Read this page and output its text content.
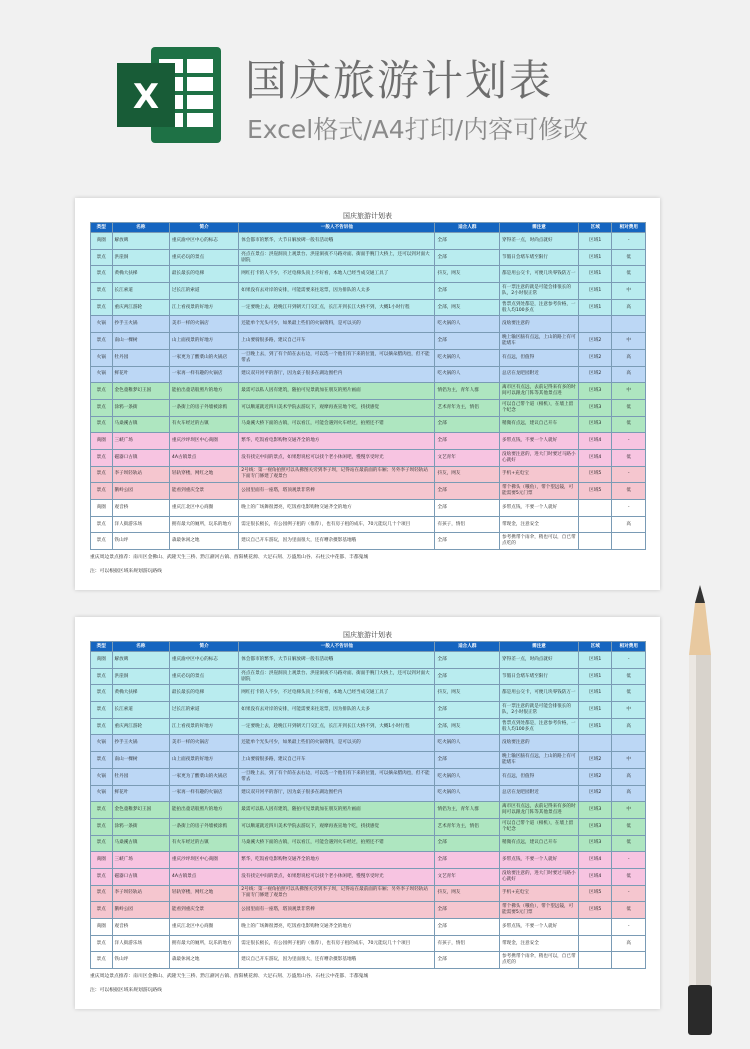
X 国庆旅游计划表
Excel格式/A4打印/内容可修改
国庆旅游计划表
类型	名称	简介	一般人不告诉他	适合人群	需注意	区域	相对费用
商圈	解放碑	重庆渝中区中心的标志	体会都市的繁华，大节日解放碑一般有活动哦	全部	穿得差一点，时尚点就好	区域1	-
景点	洪崖洞	重庆必玩的景点	亮点在景点：洪崖洞顶上观景台、洪崖洞夜不马路对面、街面手腕门大桥上，还可以到对面大剧院	全部	节假日会堵车堵至限行	区域1	低
景点	黄桷大扶梯	最长最长的电梯	网红打卡的人不少，不过电梯头顶上不好看，本地人已经当成交通工具了	抖友，网友	都是用公交卡，可便几块零钱防万一	区域1	低
景点	长江索道	过长江的索道	如果没有去对岸的安排，可能需要来往返票，因为排队的人太多	全部	有一票注意的就是可能会排很长的队，2小时很正常	区域1	中
景点	重庆两江游轮	江上看夜景的好地方	一定要晚上去，趁晚江开到朝天门交汇点，长江开到长江大桥不到，大概1小时行程	全部，网友	售票点到处都是，注意参考价格，一般人均100多点	区域1	高
火锅	抄手王火锅	美市一样的火锅店	还能单个光头可少，如果最上些们的火锅资料，是可以买的	吃火锅的人	没啥要注意的		
景点	南山一棵树	山上面夜景的好地方	上山要骑很多路，建议自己开车	全部	晚上输区脑有点远，上山的路上有可能堵车	区域2	中
火锅	牡丹园	一家更为了酸菜山的火锅店	一旦晚上去，到了有个荫在去右边，可以选一个他们有下来的位置，可以摘朵腊肉也，但不能带去	吃火锅的人	有点远，但值得	区域2	高
火锅	鲜花叶	一家再一样有趣的火锅店	建议双开河平的客厅，因为桌子很多在湖边围栏内	吃火锅的人	总店在龙吧园附近	区域2	高
景点	金色童稚梦幻王国	能拍出童话般照片的地方	最需可以私人因有建筑，随拍可见景就加在朋友的照片画面	情侣为主，青年人群	离市区有点远，去前记得来有多的时间可以跟龙门阵等其他景点进	区域3	中
景点	涂鸦一条街	一条街上的房子外墙被涂鸦	可以顺道就近四川美术学院去游玩下，观摩再查宣地个吃，找找感觉	艺术青年为主，情侣	可以自己带个道（相机），在墙上留个纪念	区域3	低
景点	马桑溪古镇	有火车经过的古镇	马桑溪大桥下面的古镇，可以看江，可能会遇到火车经过，拍照还不错	全部	稍微有点远，建议自己开车	区域3	低
商圈	三峡广场	重庆沙坪坝区中心商圈	繁华，吃饭看电影购物交通齐全的地方	全部	多带点钱，不要一个人就好	区域4	-
景点	磁器口古镇	4A古镇景点	没有找完中间的景点，如果想说松可以找个老小休闲吧，慢慢享受时光	文艺青年	没啥要注意的，进大门时要过马路小心就好	区域4	低
景点	李子坝轻轨站	轻轨穿楼，网红之地	2号线：第一视角拍照可以从佛图关旁到李子坝，记得站在最前面的车厢；另外李子坝轻轨站下面专门修建了观景台	抖友，网友	手机+充电宝	区域5	-
景点	鹅岭公园	能看到重庆全景	公园里面有一座塔，塔顶观景非常棒	全部	带个佛头（哦鱼），带个望远镜，可能需要5元门票	区域5	低
商圈	观音桥	重庆江北区中心商圈	晚上的广场舞很漂亮，吃饭看电影购物交通齐全的地方	全部	多带点钱，不要一个人就好		-
景点	洋人街游乐场	拥有最大的厕所，玩乐的地方	需定很长极长，有公园例子租的（推荐），也有房子租的成车，70元能玩几十个项目	有孩子，情侣	带现金，注意安全		高
景点	铁山坪	森最休闲之地	建议自己开车游玩，因为里面很大，还有嘈杂摄影基地哦	全部	参考携带个雨伞，稍也可以，自已带点吃的		
重庆周边景点推荐：南川区金佛山、武隆天生三桥、黔江濯河古镇、酉阳桃花源、大足石刻、万盛黑山谷、石柱云中花都、丰都鬼城
注：可以根据区域来规划游玩路线
国庆旅游计划表
类型	名称	简介	一般人不告诉他	适合人群	需注意	区域	相对费用
商圈	解放碑	重庆渝中区中心的标志	体会都市的繁华，大节日解放碑一般有活动哦	全部	穿得差一点，时尚点就好	区域1	-
景点	洪崖洞	重庆必玩的景点	亮点在景点：洪崖洞顶上观景台、洪崖洞夜不马路对面、街面手腕门大桥上，还可以到对面大剧院	全部	节假日会堵车堵至限行	区域1	低
景点	黄桷大扶梯	最长最长的电梯	网红打卡的人不少，不过电梯头顶上不好看，本地人已经当成交通工具了	抖友，网友	都是用公交卡，可便几块零钱防万一	区域1	低
景点	长江索道	过长江的索道	如果没有去对岸的安排，可能需要来往返票，因为排队的人太多	全部	有一票注意的就是可能会排很长的队，2小时很正常	区域1	中
景点	重庆两江游轮	江上看夜景的好地方	一定要晚上去，趁晚江开到朝天门交汇点，长江开到长江大桥不到，大概1小时行程	全部，网友	售票点到处都是，注意参考价格，一般人均100多点	区域1	高
火锅	抄手王火锅	美市一样的火锅店	还能单个光头可少，如果最上些们的火锅资料，是可以买的	吃火锅的人	没啥要注意的		
景点	南山一棵树	山上面夜景的好地方	上山要骑很多路，建议自己开车	全部	晚上输区脑有点远，上山的路上有可能堵车	区域2	中
火锅	牡丹园	一家更为了酸菜山的火锅店	一旦晚上去，到了有个荫在去右边，可以选一个他们有下来的位置，可以摘朵腊肉也，但不能带去	吃火锅的人	有点远，但值得	区域2	高
火锅	鲜花叶	一家再一样有趣的火锅店	建议双开河平的客厅，因为桌子很多在湖边围栏内	吃火锅的人	总店在龙吧园附近	区域2	高
景点	金色童稚梦幻王国	能拍出童话般照片的地方	最需可以私人因有建筑，随拍可见景就加在朋友的照片画面	情侣为主，青年人群	离市区有点远，去前记得来有多的时间可以跟龙门阵等其他景点进	区域3	中
景点	涂鸦一条街	一条街上的房子外墙被涂鸦	可以顺道就近四川美术学院去游玩下，观摩再查宣地个吃，找找感觉	艺术青年为主，情侣	可以自己带个道（相机），在墙上留个纪念	区域3	低
景点	马桑溪古镇	有火车经过的古镇	马桑溪大桥下面的古镇，可以看江，可能会遇到火车经过，拍照还不错	全部	稍微有点远，建议自己开车	区域3	低
商圈	三峡广场	重庆沙坪坝区中心商圈	繁华，吃饭看电影购物交通齐全的地方	全部	多带点钱，不要一个人就好	区域4	-
景点	磁器口古镇	4A古镇景点	没有找完中间的景点，如果想说松可以找个老小休闲吧，慢慢享受时光	文艺青年	没啥要注意的，进大门时要过马路小心就好	区域4	低
景点	李子坝轻轨站	轻轨穿楼，网红之地	2号线：第一视角拍照可以从佛图关旁到李子坝，记得站在最前面的车厢；另外李子坝轻轨站下面专门修建了观景台	抖友，网友	手机+充电宝	区域5	-
景点	鹅岭公园	能看到重庆全景	公园里面有一座塔，塔顶观景非常棒	全部	带个佛头（哦鱼），带个望远镜，可能需要5元门票	区域5	低
商圈	观音桥	重庆江北区中心商圈	晚上的广场舞很漂亮，吃饭看电影购物交通齐全的地方	全部	多带点钱，不要一个人就好		-
景点	洋人街游乐场	拥有最大的厕所，玩乐的地方	需定很长极长，有公园例子租的（推荐），也有房子租的成车，70元能玩几十个项目	有孩子，情侣	带现金，注意安全		高
景点	铁山坪	森最休闲之地	建议自己开车游玩，因为里面很大，还有嘈杂摄影基地哦	全部	参考携带个雨伞，稍也可以，自已带点吃的		
重庆周边景点推荐：南川区金佛山、武隆天生三桥、黔江濯河古镇、酉阳桃花源、大足石刻、万盛黑山谷、石柱云中花都、丰都鬼城
注：可以根据区域来规划游玩路线
